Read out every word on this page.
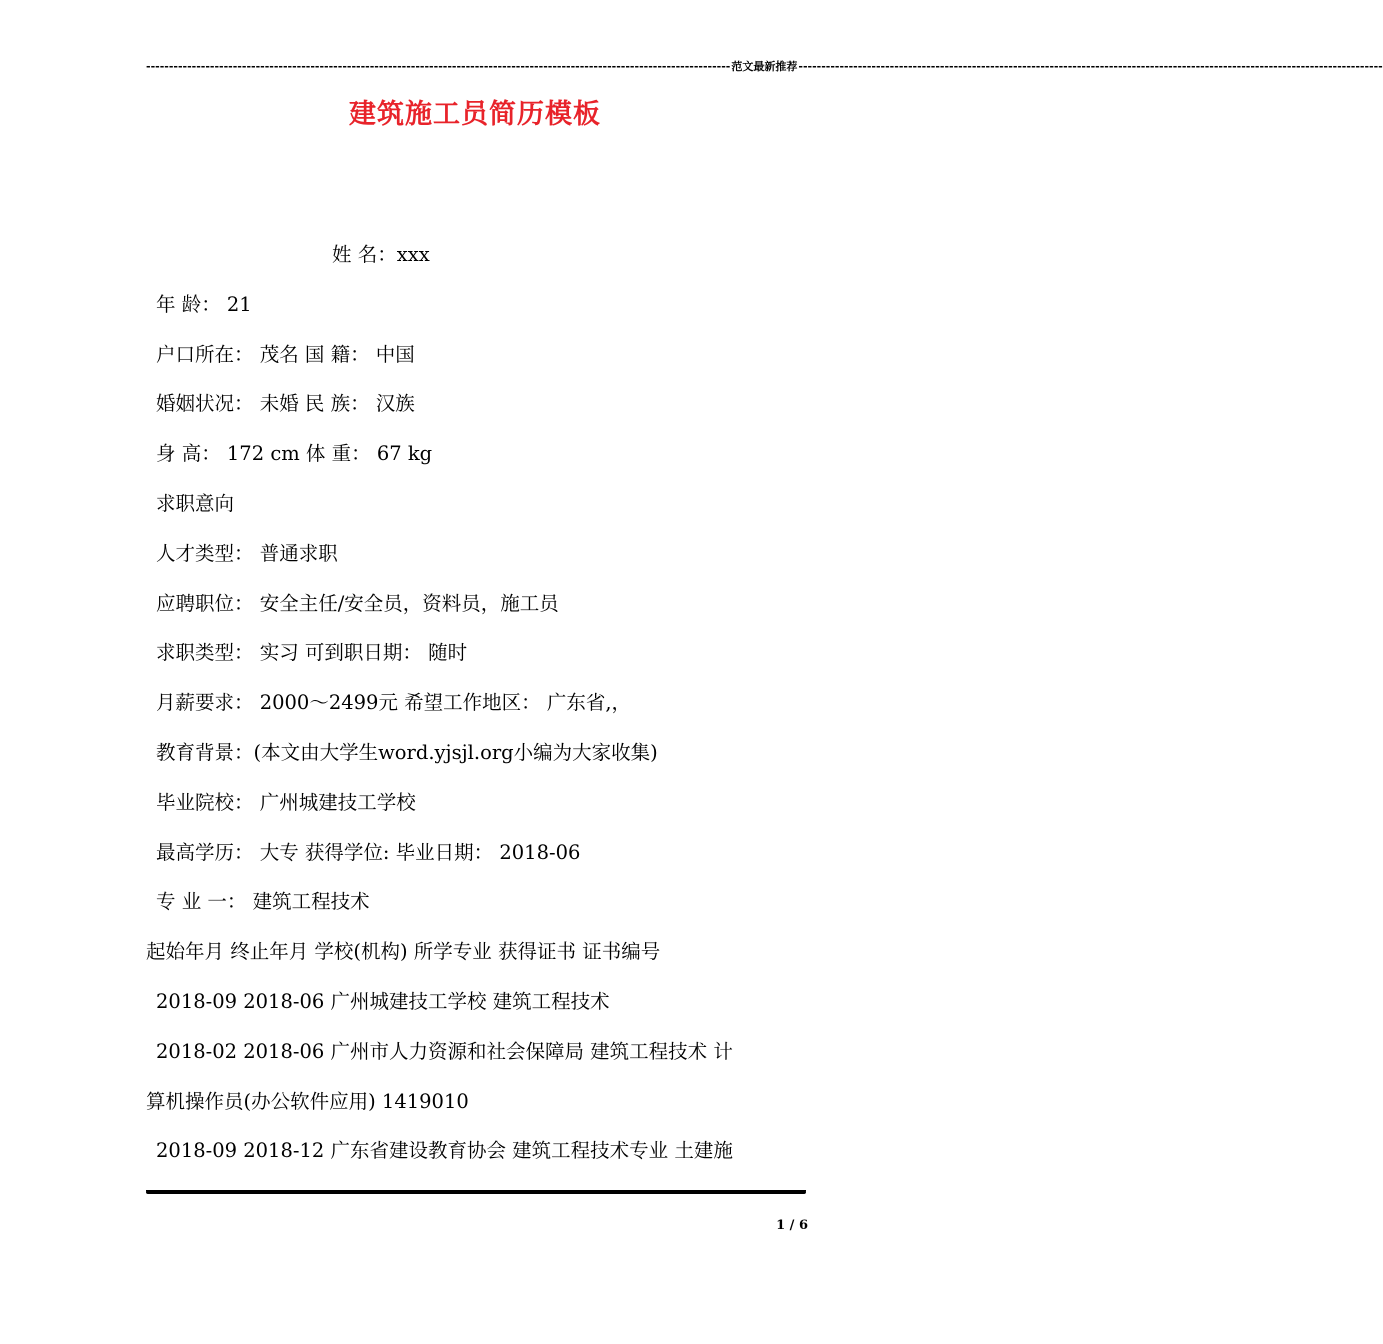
-------------------------------------------------------------------------------------------------------------------------------- 范文最新推荐 --------------------------------------------------------------------------------------------------------------------------------
建筑施工员简历模板
姓 名：xxx
年 龄： 21
户口所在： 茂名 国 籍： 中国
婚姻状况： 未婚 民 族： 汉族
身 高： 172 cm 体 重： 67 kg
求职意向
人才类型： 普通求职
应聘职位： 安全主任/安全员，资料员，施工员
求职类型： 实习 可到职日期： 随时
月薪要求： 2000～2499元 希望工作地区： 广东省,，
教育背景：(本文由大学生word.yjsjl.org小编为大家收集)
毕业院校： 广州城建技工学校
最高学历： 大专 获得学位: 毕业日期： 2018-06
专 业 一： 建筑工程技术
起始年月 终止年月 学校(机构) 所学专业 获得证书 证书编号
2018-09 2018-06 广州城建技工学校 建筑工程技术
2018-02 2018-06 广州市人力资源和社会保障局 建筑工程技术 计
算机操作员(办公软件应用) 1419010
2018-09 2018-12 广东省建设教育协会 建筑工程技术专业 土建施
1 / 6
